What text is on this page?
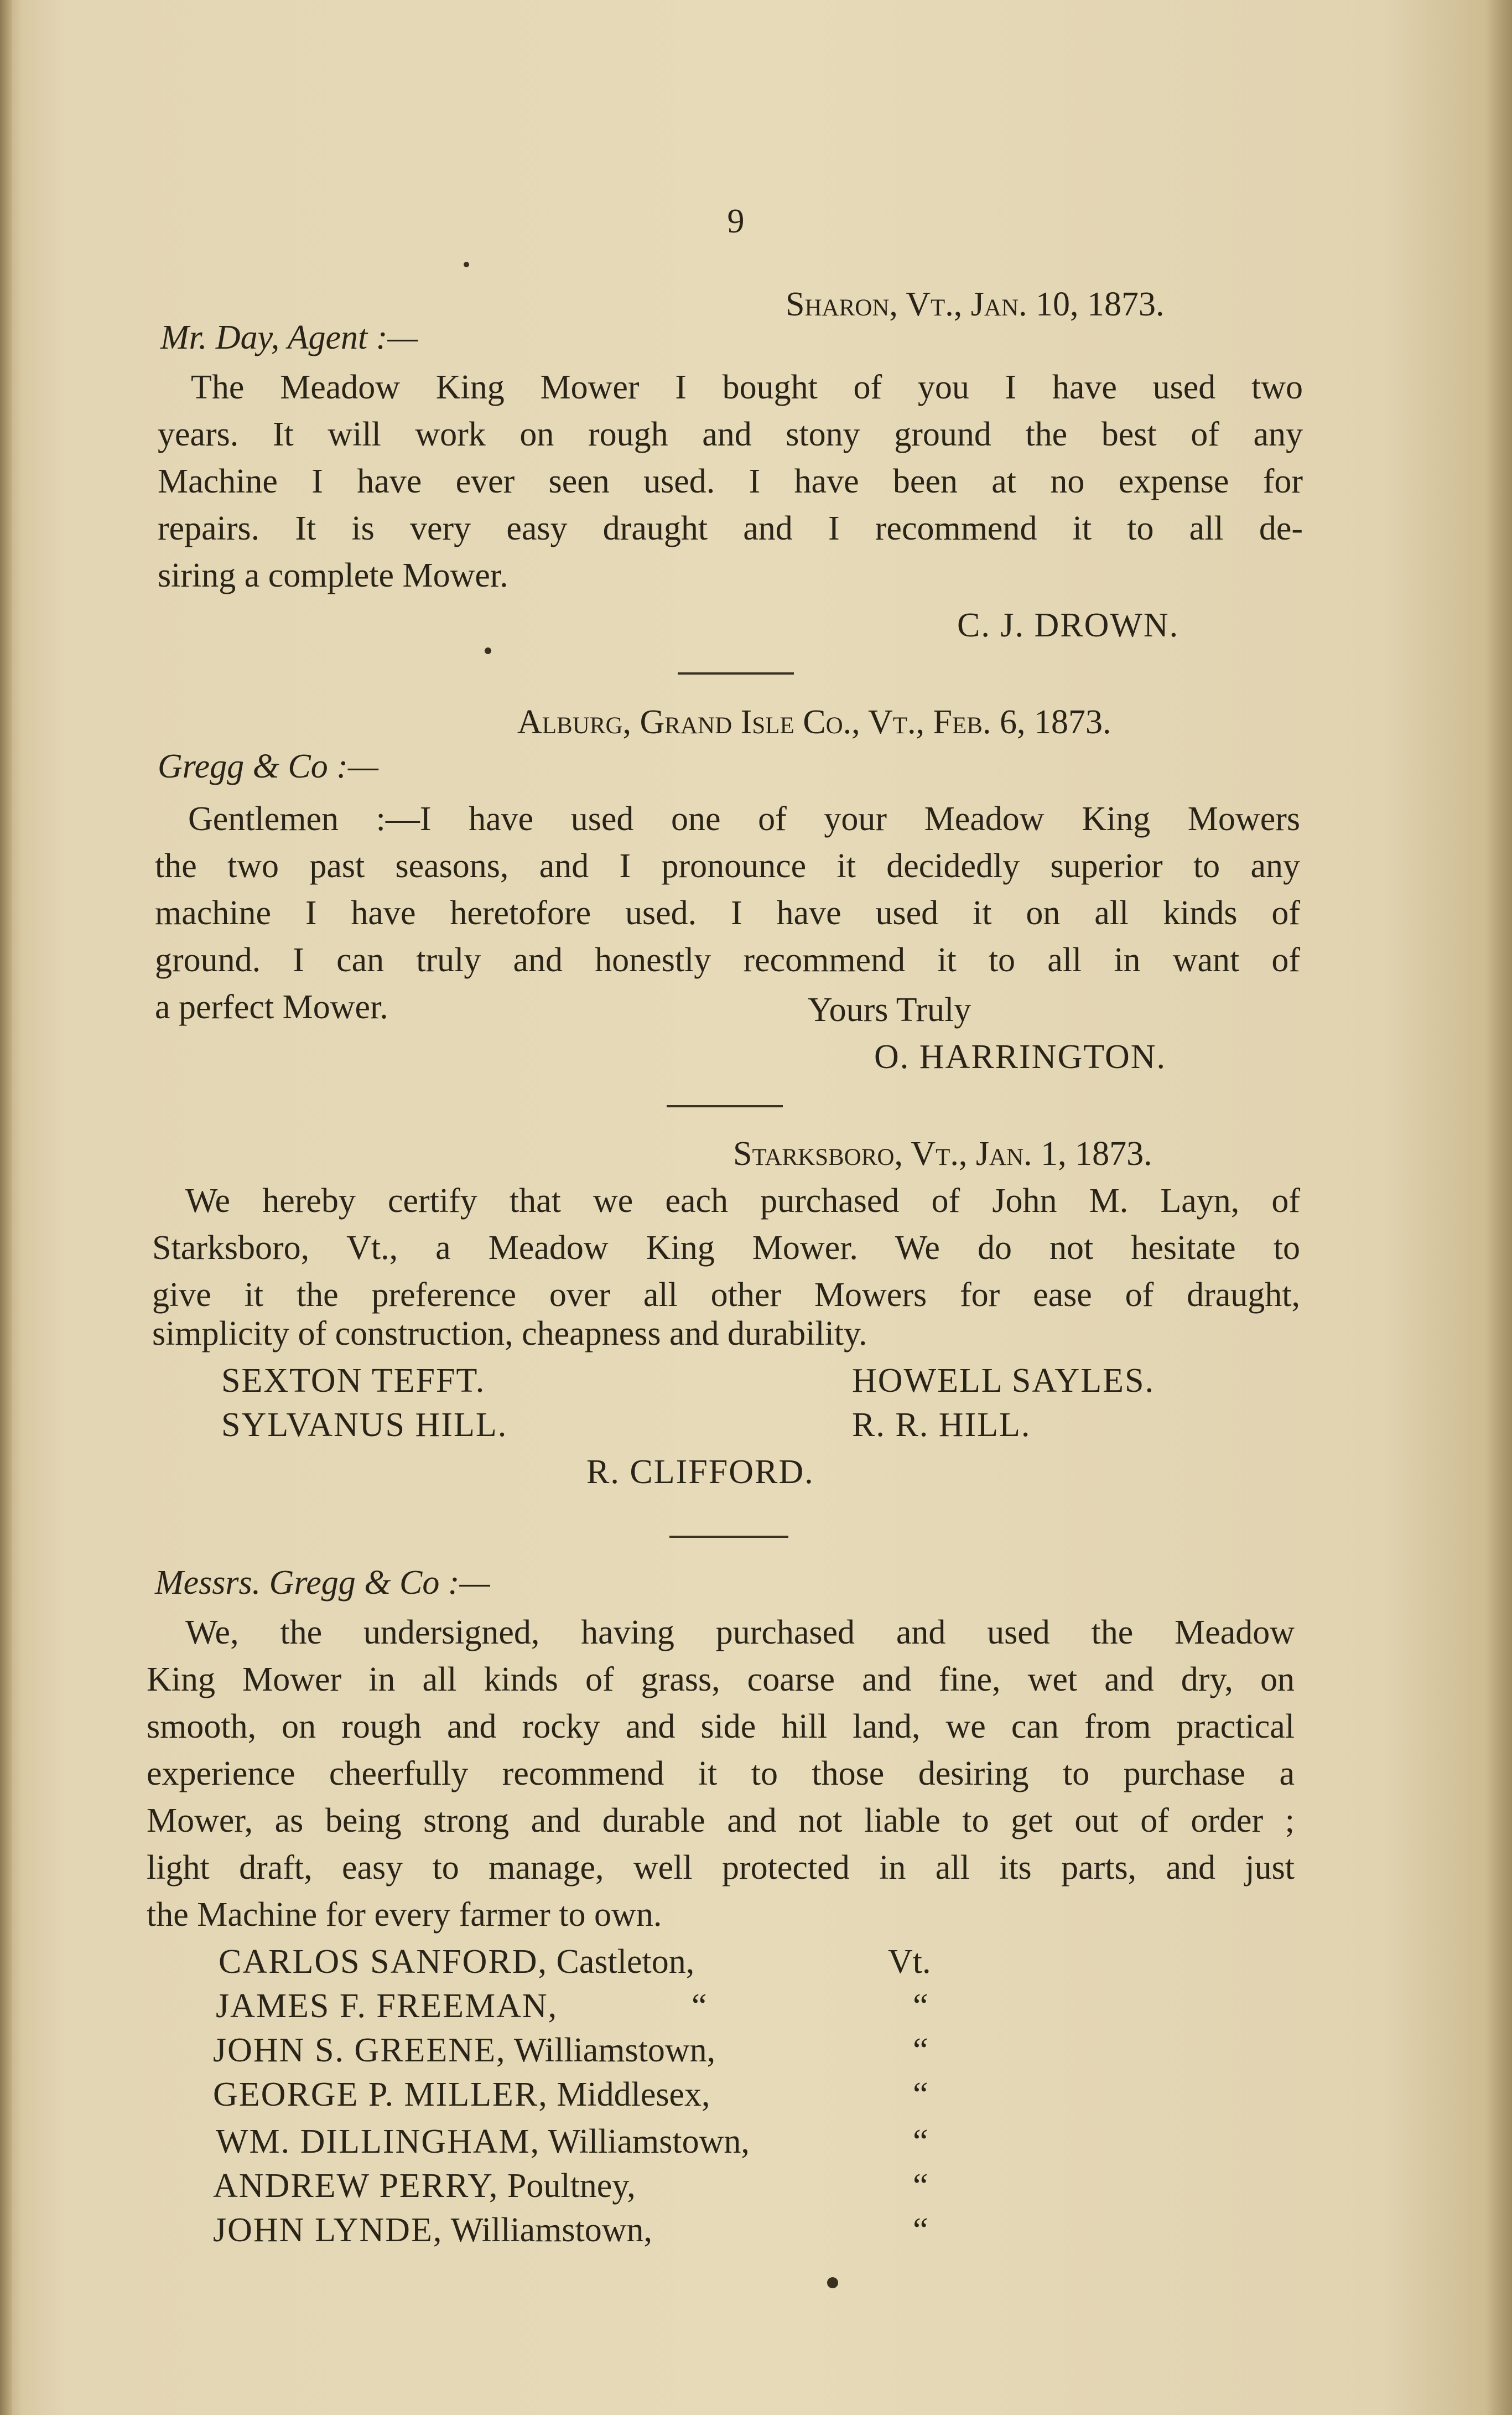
9
Sharon, Vt., Jan. 10, 1873.
Mr. Day, Agent :—
The Meadow King Mower I bought of you I have used two
years. It will work on rough and stony ground the best of any
Machine I have ever seen used. I have been at no expense for
repairs. It is very easy draught and I recommend it to all de-
siring a complete Mower.
C. J. DROWN.
Alburg, Grand Isle Co., Vt., Feb. 6, 1873.
Gregg & Co :—
Gentlemen :—I have used one of your Meadow King Mowers
the two past seasons, and I pronounce it decidedly superior to any
machine I have heretofore used. I have used it on all kinds of
ground. I can truly and honestly recommend it to all in want of
a perfect Mower.	Yours Truly
O. HARRINGTON.
Starksboro, Vt., Jan. 1, 1873.
We hereby certify that we each purchased of John M. Layn, of
Starksboro, Vt., a Meadow King Mower. We do not hesitate to
give it the preference over all other Mowers for ease of draught,
simplicity of construction, cheapness and durability.
SEXTON TEFFT.	HOWELL SAYLES.
SYLVANUS HILL.	R. R. HILL.
R. CLIFFORD.
Messrs. Gregg & Co :—
We, the undersigned, having purchased and used the Meadow
King Mower in all kinds of grass, coarse and fine, wet and dry, on
smooth, on rough and rocky and side hill land, we can from practical
experience cheerfully recommend it to those desiring to purchase a
Mower, as being strong and durable and not liable to get out of order ;
light draft, easy to manage, well protected in all its parts, and just
the Machine for every farmer to own.
CARLOS SANFORD, Castleton,	Vt.
JAMES F. FREEMAN,	“	“
JOHN S. GREENE, Williamstown,	“
GEORGE P. MILLER, Middlesex,	“
WM. DILLINGHAM, Williamstown,	“
ANDREW PERRY, Poultney,	“
JOHN LYNDE, Williamstown,	“
